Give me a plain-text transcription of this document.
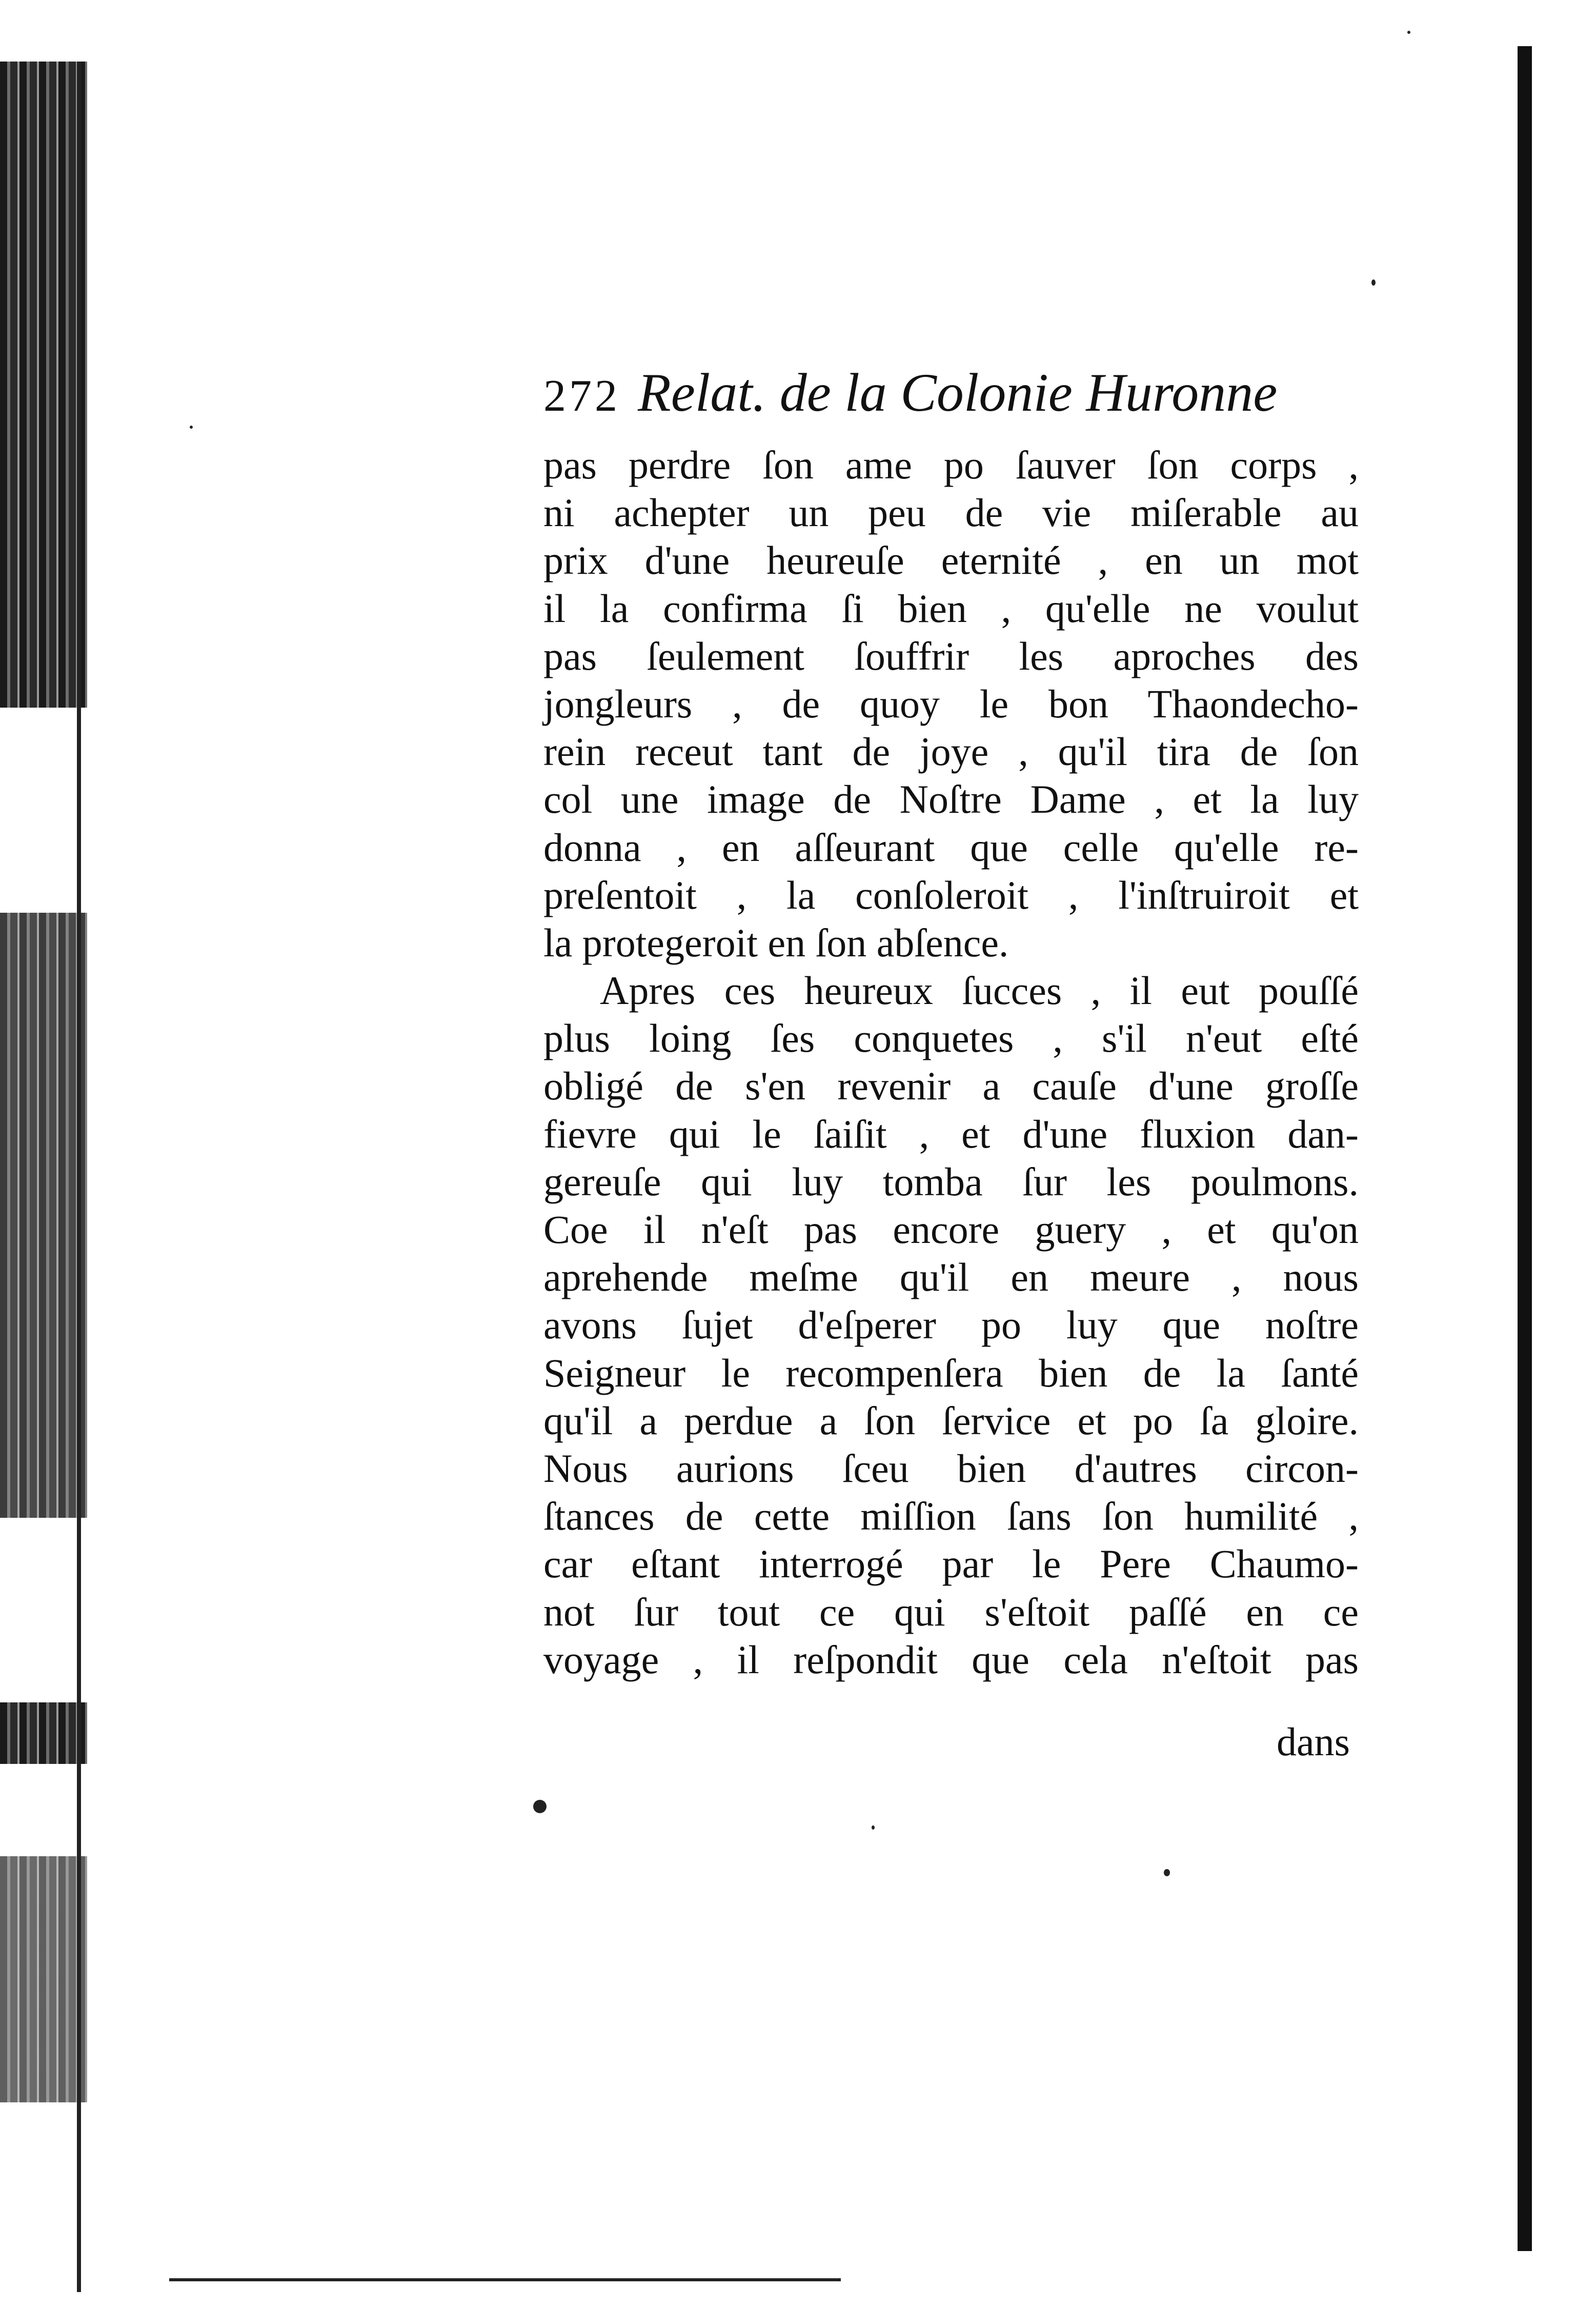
272 Relat. de la Colonie Huronne
pas perdre ſon ame po ſauver ſon corps ,
ni achepter un peu de vie miſerable au
prix d'une heureuſe eternité , en un mot
il la confirma ſi bien , qu'elle ne voulut
pas ſeulement ſouffrir les aproches des
jongleurs , de quoy le bon Thaondecho-
rein receut tant de joye , qu'il tira de ſon
col une image de Noſtre Dame , et la luy
donna , en aſſeurant que celle qu'elle re-
preſentoit , la conſoleroit , l'inſtruiroit et
la protegeroit en ſon abſence.
Apres ces heureux ſucces , il eut pouſſé
plus loing ſes conquetes , s'il n'eut eſté
obligé de s'en revenir a cauſe d'une groſſe
fievre qui le ſaiſit , et d'une fluxion dan-
gereuſe qui luy tomba ſur les poulmons.
Coe il n'eſt pas encore guery , et qu'on
aprehende meſme qu'il en meure , nous
avons ſujet d'eſperer po luy que noſtre
Seigneur le recompenſera bien de la ſanté
qu'il a perdue a ſon ſervice et po ſa gloire.
Nous aurions ſceu bien d'autres circon-
ſtances de cette miſſion ſans ſon humilité ,
car eſtant interrogé par le Pere Chaumo-
not ſur tout ce qui s'eſtoit paſſé en ce
voyage , il reſpondit que cela n'eſtoit pas
dans
